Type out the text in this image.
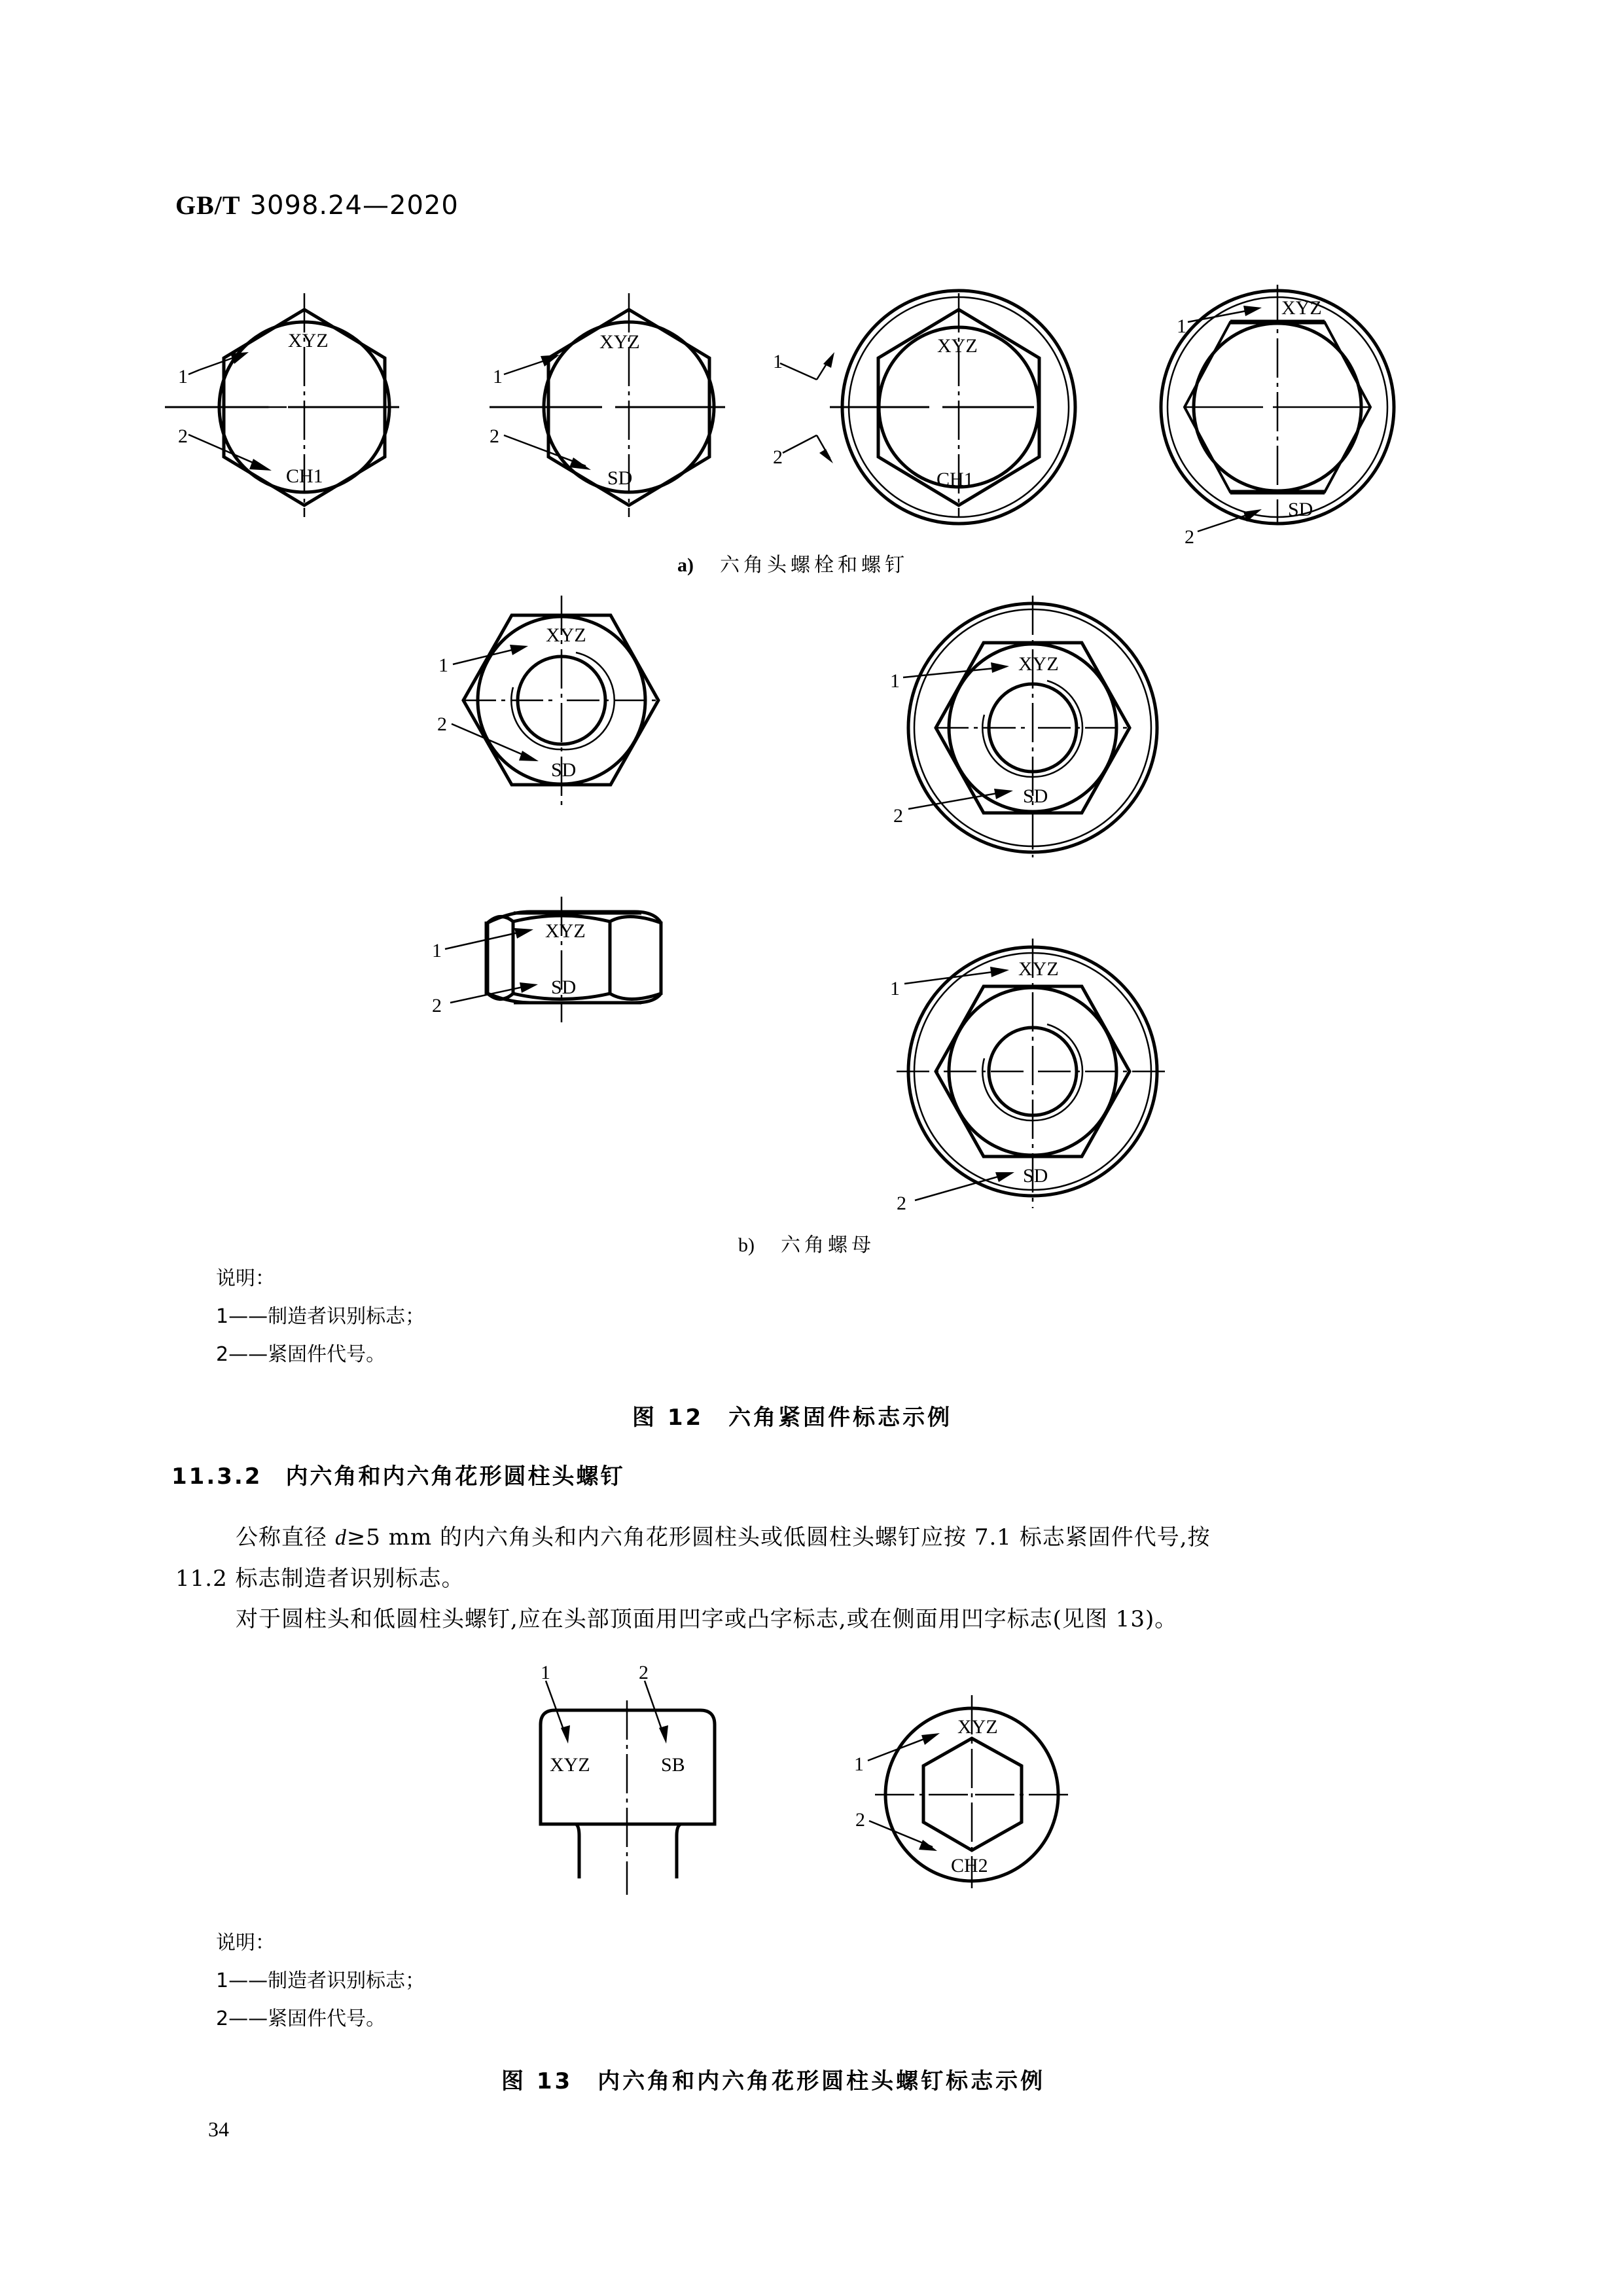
GB/T 3098.24—2020
XYZ
CH1
1
2
XYZ
SD
1
2
XYZ
CH1
1
2
XYZ
SD
1
2
a) 六角头螺栓和螺钉
XYZ
SD
1
2
XYZ
SD
1
2
XYZ
SD
1
2
XYZ
SD
1
2
b) 六角螺母
说明：
1——制造者识别标志；
2——紧固件代号。
图 12　六角紧固件标志示例
11.3.2 内六角和内六角花形圆柱头螺钉
公称直径 d≥5 mm 的内六角头和内六角花形圆柱头或低圆柱头螺钉应按 7.1 标志紧固件代号,按
11.2 标志制造者识别标志。
对于圆柱头和低圆柱头螺钉,应在头部顶面用凹字或凸字标志,或在侧面用凹字标志(见图 13)。
XYZ	SB
1	2
XYZ
CH2
1
2
说明：
1——制造者识别标志；
2——紧固件代号。
图 13　内六角和内六角花形圆柱头螺钉标志示例
34
